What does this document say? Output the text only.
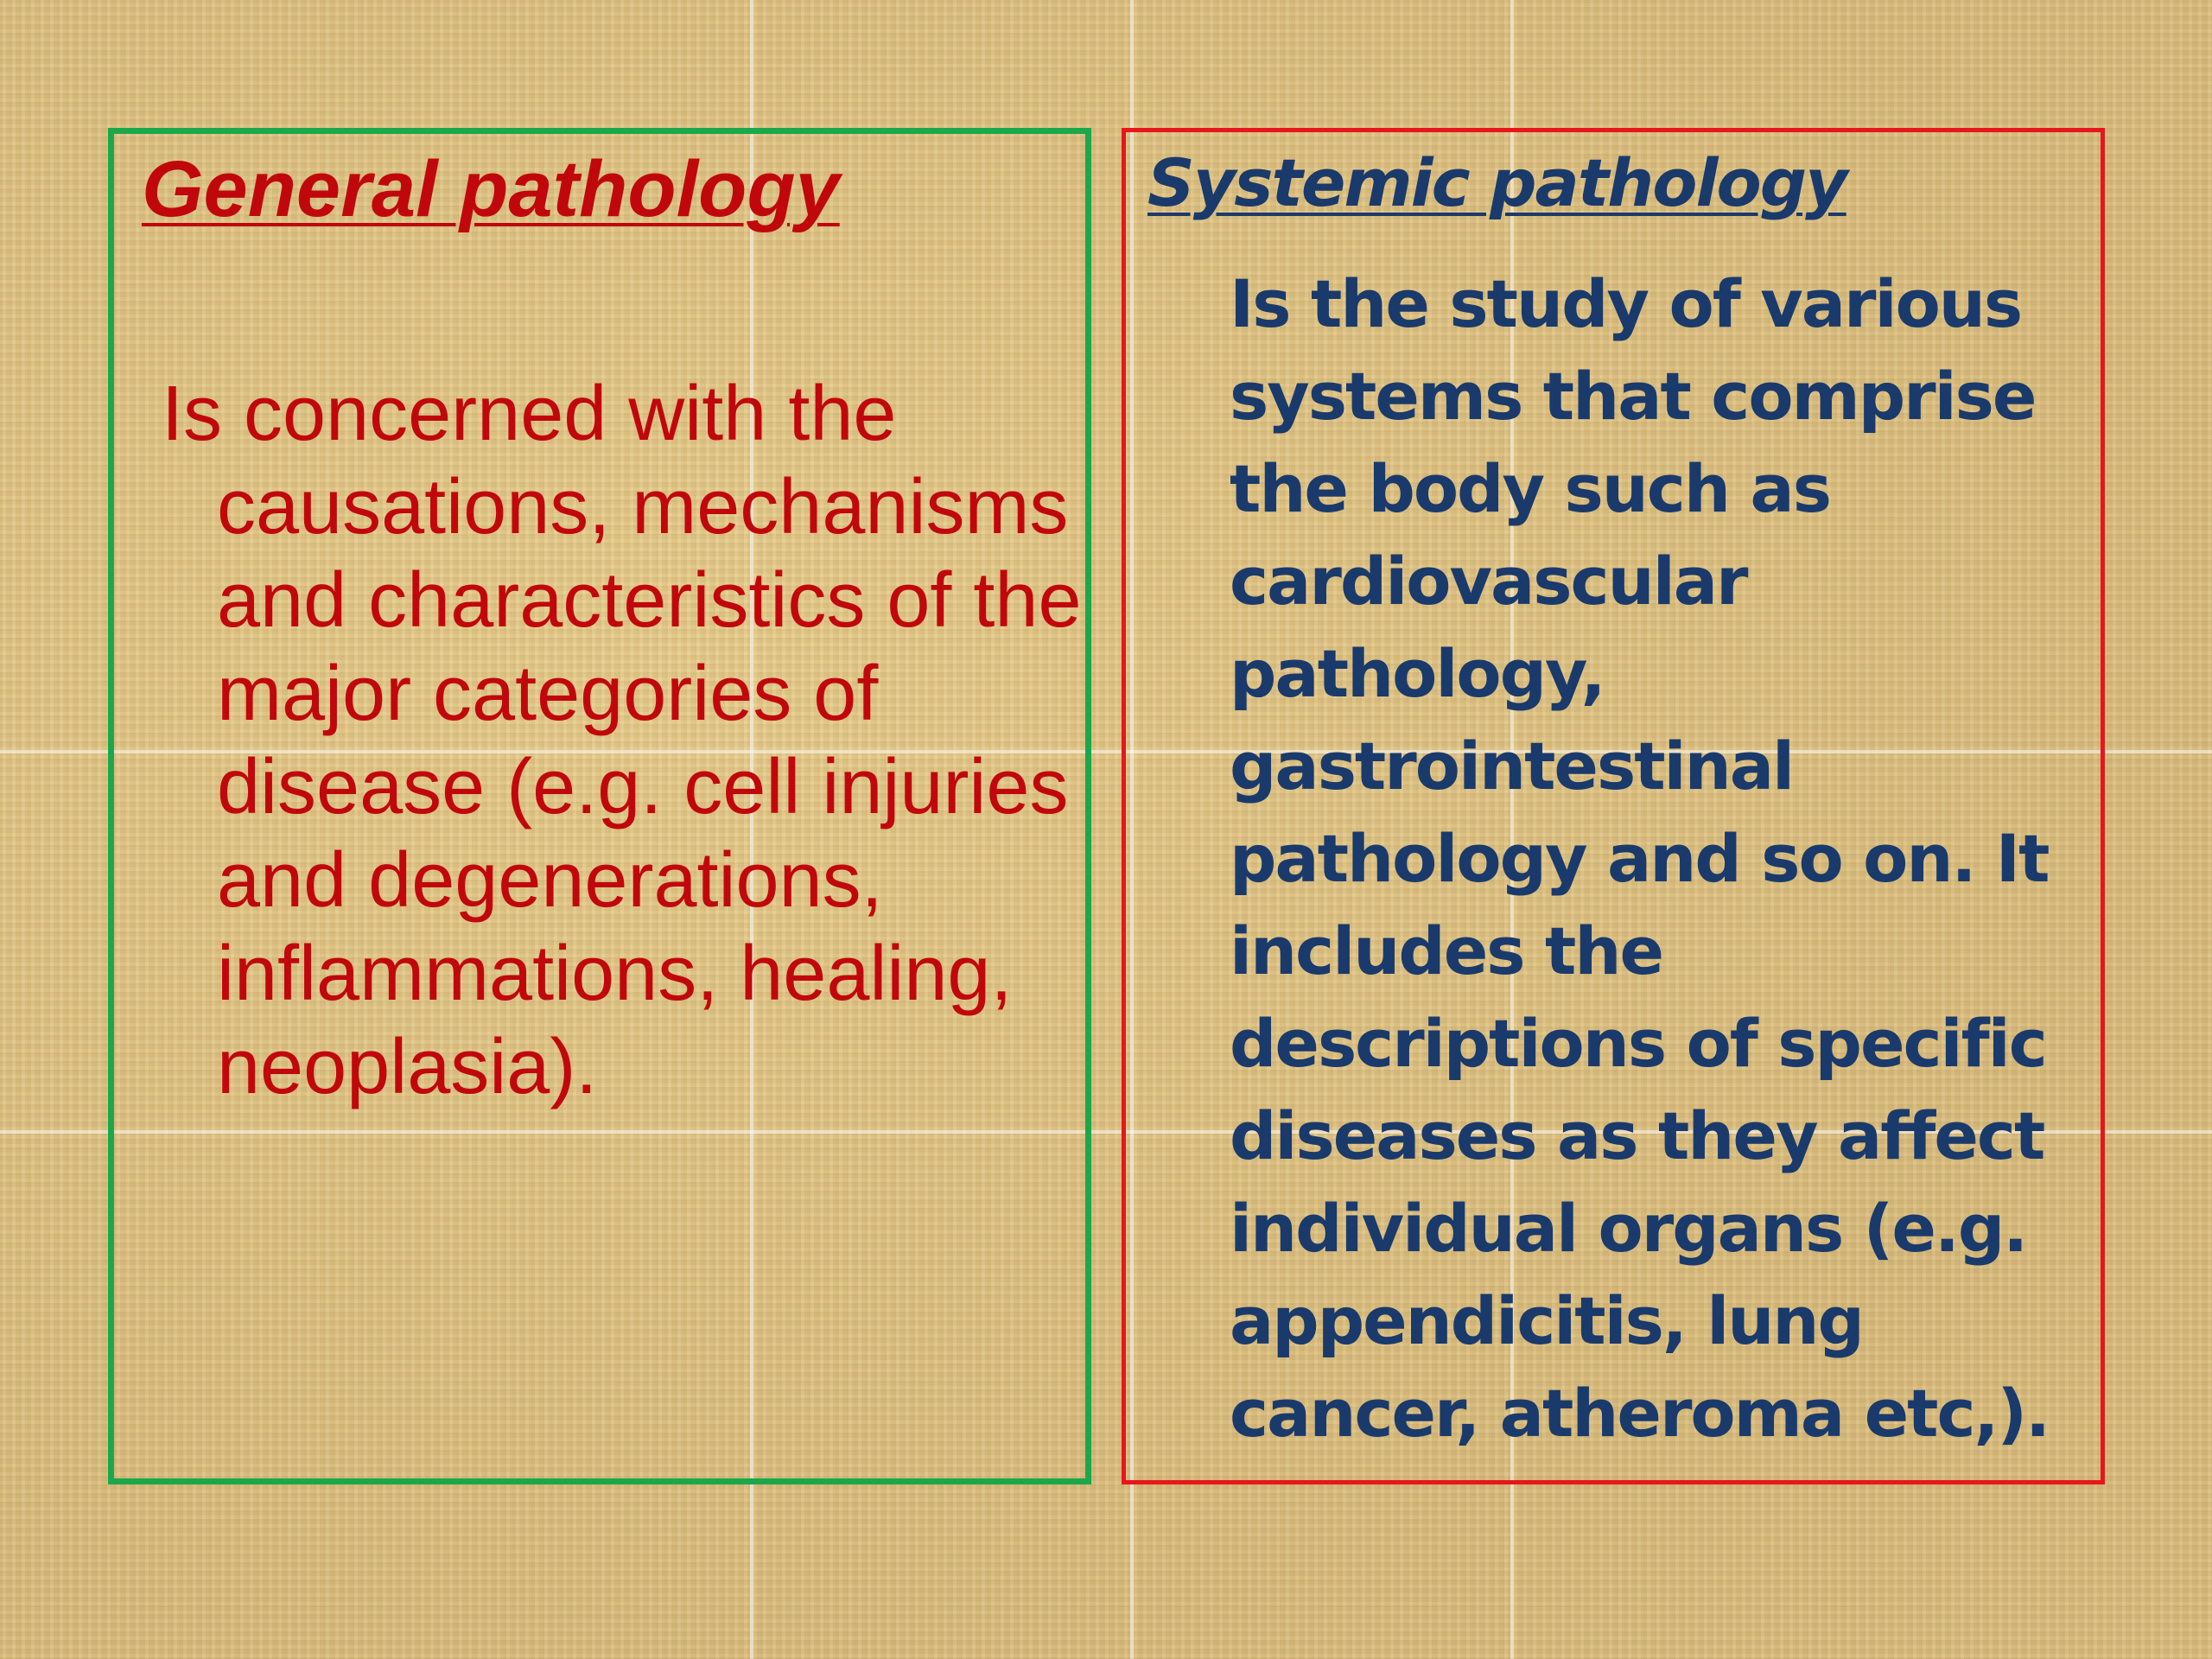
General pathology

Is concerned with the causations, mechanisms and characteristics of the major categories of disease (e.g. cell injuries and degenerations, inflammations, healing, neoplasia).

Systemic pathology

Is the study of various systems that comprise the body such as cardiovascular pathology, gastrointestinal pathology and so on. It includes the descriptions of specific diseases as they affect individual organs (e.g. appendicitis, lung cancer, atheroma etc,).
